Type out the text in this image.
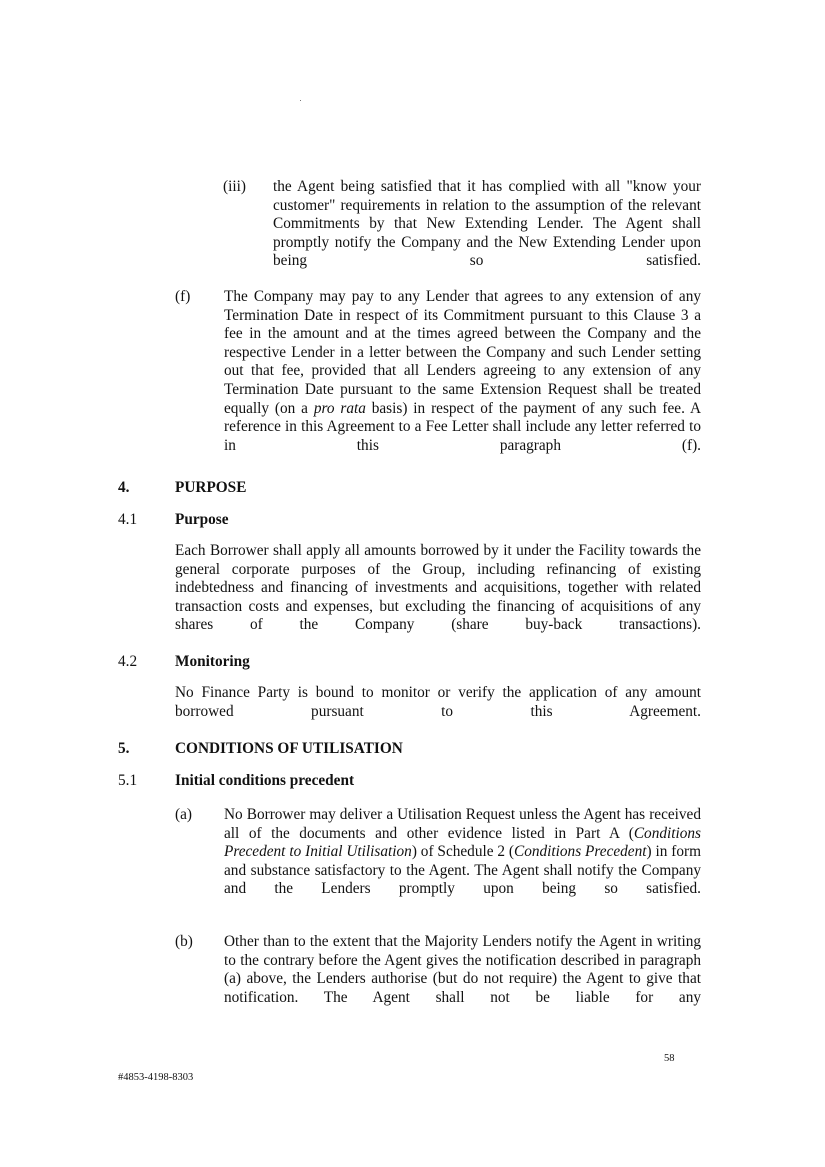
(iii) the Agent being satisfied that it has complied with all "know your customer" requirements in relation to the assumption of the relevant Commitments by that New Extending Lender. The Agent shall promptly notify the Company and the New Extending Lender upon being so satisfied.
(f) The Company may pay to any Lender that agrees to any extension of any Termination Date in respect of its Commitment pursuant to this Clause 3 a fee in the amount and at the times agreed between the Company and the respective Lender in a letter between the Company and such Lender setting out that fee, provided that all Lenders agreeing to any extension of any Termination Date pursuant to the same Extension Request shall be treated equally (on a pro rata basis) in respect of the payment of any such fee. A reference in this Agreement to a Fee Letter shall include any letter referred to in this paragraph (f).
4.	PURPOSE
4.1 Purpose
Each Borrower shall apply all amounts borrowed by it under the Facility towards the general corporate purposes of the Group, including refinancing of existing indebtedness and financing of investments and acquisitions, together with related transaction costs and expenses, but excluding the financing of acquisitions of any shares of the Company (share buy-back transactions).
4.2 Monitoring
No Finance Party is bound to monitor or verify the application of any amount borrowed pursuant to this Agreement.
5.	CONDITIONS OF UTILISATION
5.1 Initial conditions precedent
(a) No Borrower may deliver a Utilisation Request unless the Agent has received all of the documents and other evidence listed in Part A (Conditions Precedent to Initial Utilisation) of Schedule 2 (Conditions Precedent) in form and substance satisfactory to the Agent. The Agent shall notify the Company and the Lenders promptly upon being so satisfied.
(b) Other than to the extent that the Majority Lenders notify the Agent in writing to the contrary before the Agent gives the notification described in paragraph (a) above, the Lenders authorise (but do not require) the Agent to give that notification. The Agent shall not be liable for any
58
#4853-4198-8303
